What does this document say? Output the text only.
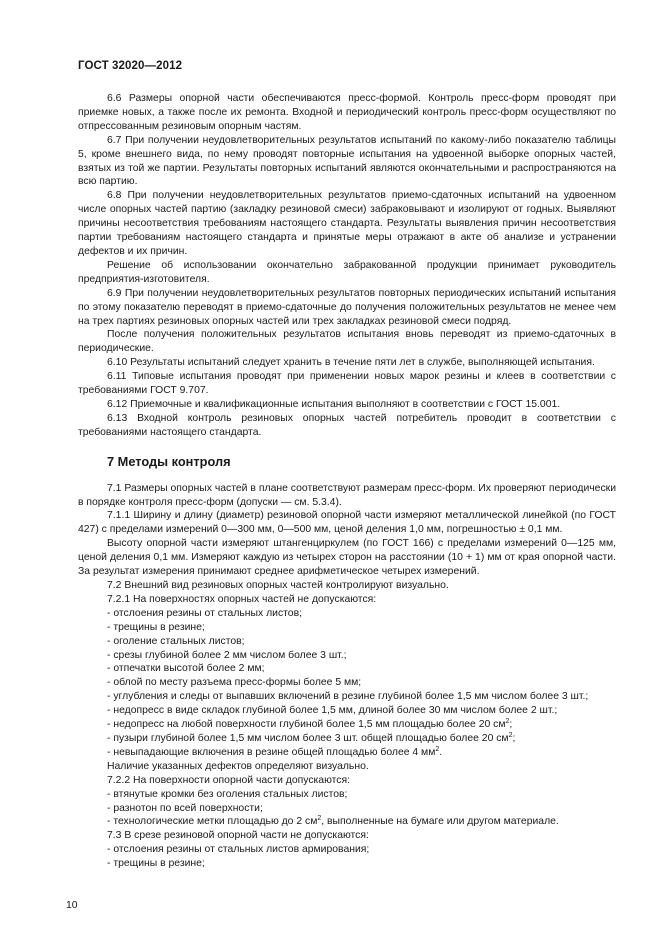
ГОСТ 32020—2012

6.6 Размеры опорной части обеспечиваются пресс-формой. Контроль пресс-форм проводят при приемке новых, а также после их ремонта. Входной и периодический контроль пресс-форм осуществляют по отпрессованным резиновым опорным частям.

6.7 При получении неудовлетворительных результатов испытаний по какому-либо показателю таблицы 5, кроме внешнего вида, по нему проводят повторные испытания на удвоенной выборке опорных частей, взятых из той же партии. Результаты повторных испытаний являются окончательными и распространяются на всю партию.

6.8 При получении неудовлетворительных результатов приемо-сдаточных испытаний на удвоенном числе опорных частей партию (закладку резиновой смеси) забраковывают и изолируют от годных. Выявляют причины несоответствия требованиям настоящего стандарта. Результаты выявления причин несоответствия партии требованиям настоящего стандарта и принятые меры отражают в акте об анализе и устранении дефектов и их причин.

Решение об использовании окончательно забракованной продукции принимает руководитель предприятия-изготовителя.

6.9 При получении неудовлетворительных результатов повторных периодических испытаний испытания по этому показателю переводят в приемо-сдаточные до получения положительных результатов не менее чем на трех партиях резиновых опорных частей или трех закладках резиновой смеси подряд.

После получения положительных результатов испытания вновь переводят из приемо-сдаточных в периодические.

6.10 Результаты испытаний следует хранить в течение пяти лет в службе, выполняющей испытания.

6.11 Типовые испытания проводят при применении новых марок резины и клеев в соответствии с требованиями ГОСТ 9.707.

6.12 Приемочные и квалификационные испытания выполняют в соответствии с ГОСТ 15.001.

6.13 Входной контроль резиновых опорных частей потребитель проводит в соответствии с требованиями настоящего стандарта.

7 Методы контроля

7.1 Размеры опорных частей в плане соответствуют размерам пресс-форм. Их проверяют периодически в порядке контроля пресс-форм (допуски — см. 5.3.4).

7.1.1 Ширину и длину (диаметр) резиновой опорной части измеряют металлической линейкой (по ГОСТ 427) с пределами измерений 0—300 мм, 0—500 мм, ценой деления 1,0 мм, погрешностью ± 0,1 мм.

Высоту опорной части измеряют штангенциркулем (по ГОСТ 166) с пределами измерений 0—125 мм, ценой деления 0,1 мм. Измеряют каждую из четырех сторон на расстоянии (10 + 1) мм от края опорной части. За результат измерения принимают среднее арифметическое четырех измерений.

7.2 Внешний вид резиновых опорных частей контролируют визуально.

7.2.1 На поверхностях опорных частей не допускаются:

- отслоения резины от стальных листов;

- трещины в резине;

- оголение стальных листов;

- срезы глубиной более 2 мм числом более 3 шт.;

- отпечатки высотой более 2 мм;

- облой по месту разъема пресс-формы более 5 мм;

- углубления и следы от выпавших включений в резине глубиной более 1,5 мм числом более 3 шт.;

- недопресс в виде складок глубиной более 1,5 мм, длиной более 30 мм числом более 2 шт.;

- недопресс на любой поверхности глубиной более 1,5 мм площадью более 20 $см^2$;

- пузыри глубиной более 1,5 мм числом более 3 шт. общей площадью более 20 $см^2$;

- невыпадающие включения в резине общей площадью более 4 $мм^2$.

Наличие указанных дефектов определяют визуально.

7.2.2 На поверхности опорной части допускаются:

- втянутые кромки без оголения стальных листов;

- разнотон по всей поверхности;

- технологические метки площадью до 2 $см^2$, выполненные на бумаге или другом материале.

7.3 В срезе резиновой опорной части не допускаются:

- отслоения резины от стальных листов армирования;

- трещины в резине;

10
